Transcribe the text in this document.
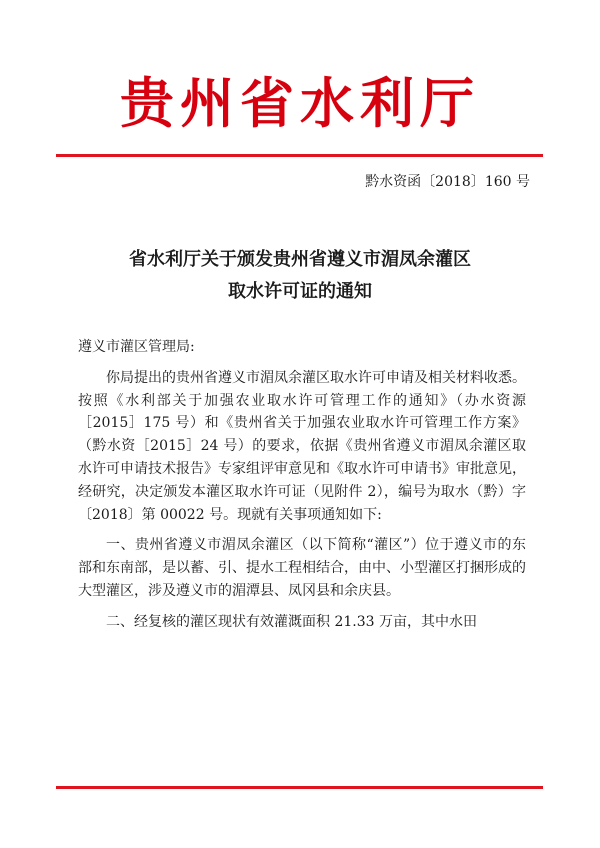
贵州省水利厅
黔水资函〔2018〕160 号
省水利厅关于颁发贵州省遵义市湄凤余灌区
取水许可证的通知

遵义市灌区管理局:

你局提出的贵州省遵义市湄凤余灌区取水许可申请及相关材料收悉。按照《水利部关于加强农业取水许可管理工作的通知》（办水资源［2015］175 号）和《贵州省关于加强农业取水许可管理工作方案》（黔水资［2015］24 号）的要求，依据《贵州省遵义市湄凤余灌区取水许可申请技术报告》专家组评审意见和《取水许可申请书》审批意见，经研究，决定颁发本灌区取水许可证（见附件 2），编号为取水（黔）字〔2018〕第 00022 号。现就有关事项通知如下:

一、贵州省遵义市湄凤余灌区（以下简称“灌区”）位于遵义市的东部和东南部，是以蓄、引、提水工程相结合，由中、小型灌区打捆形成的大型灌区，涉及遵义市的湄潭县、凤冈县和余庆县。

二、经复核的灌区现状有效灌溉面积 21.33 万亩，其中水田
